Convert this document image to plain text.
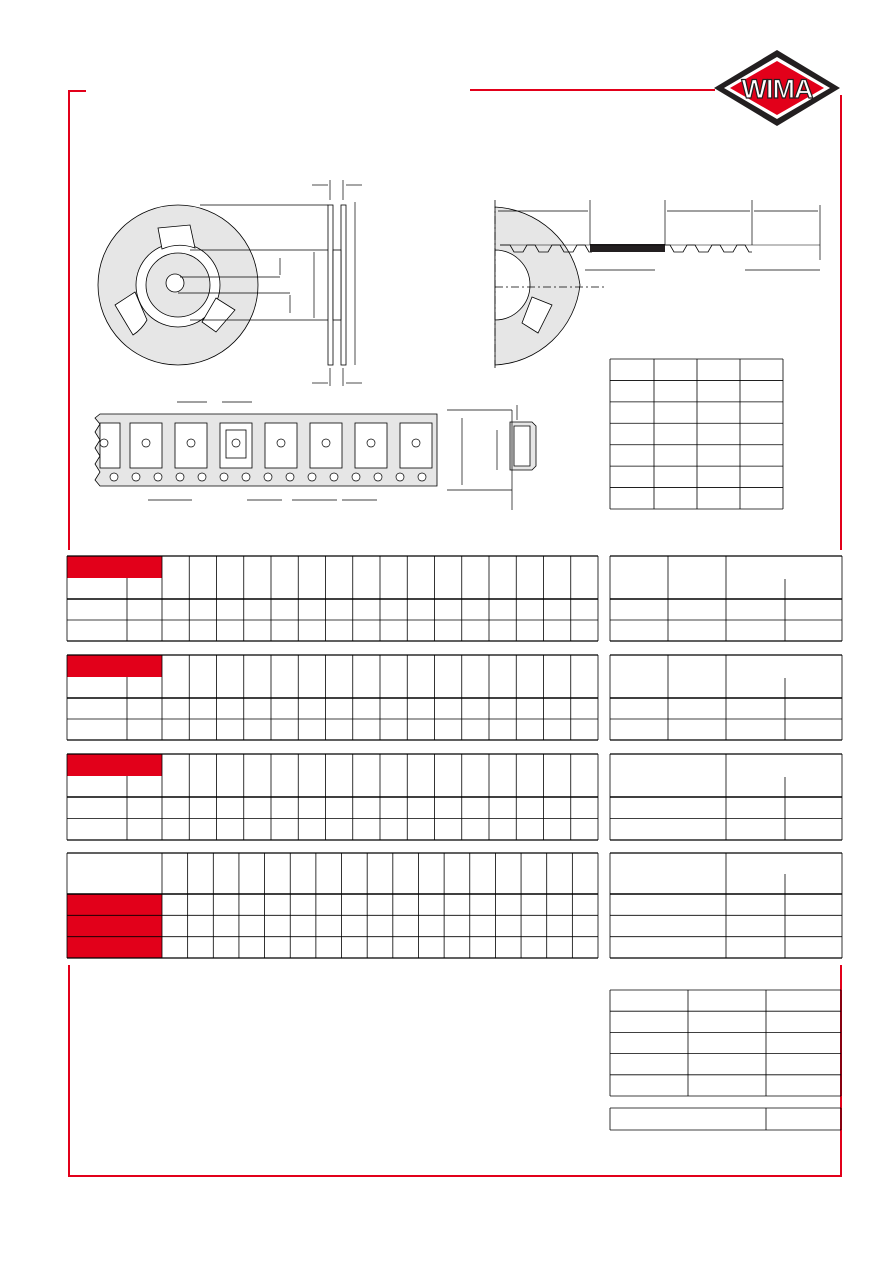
WIMA
